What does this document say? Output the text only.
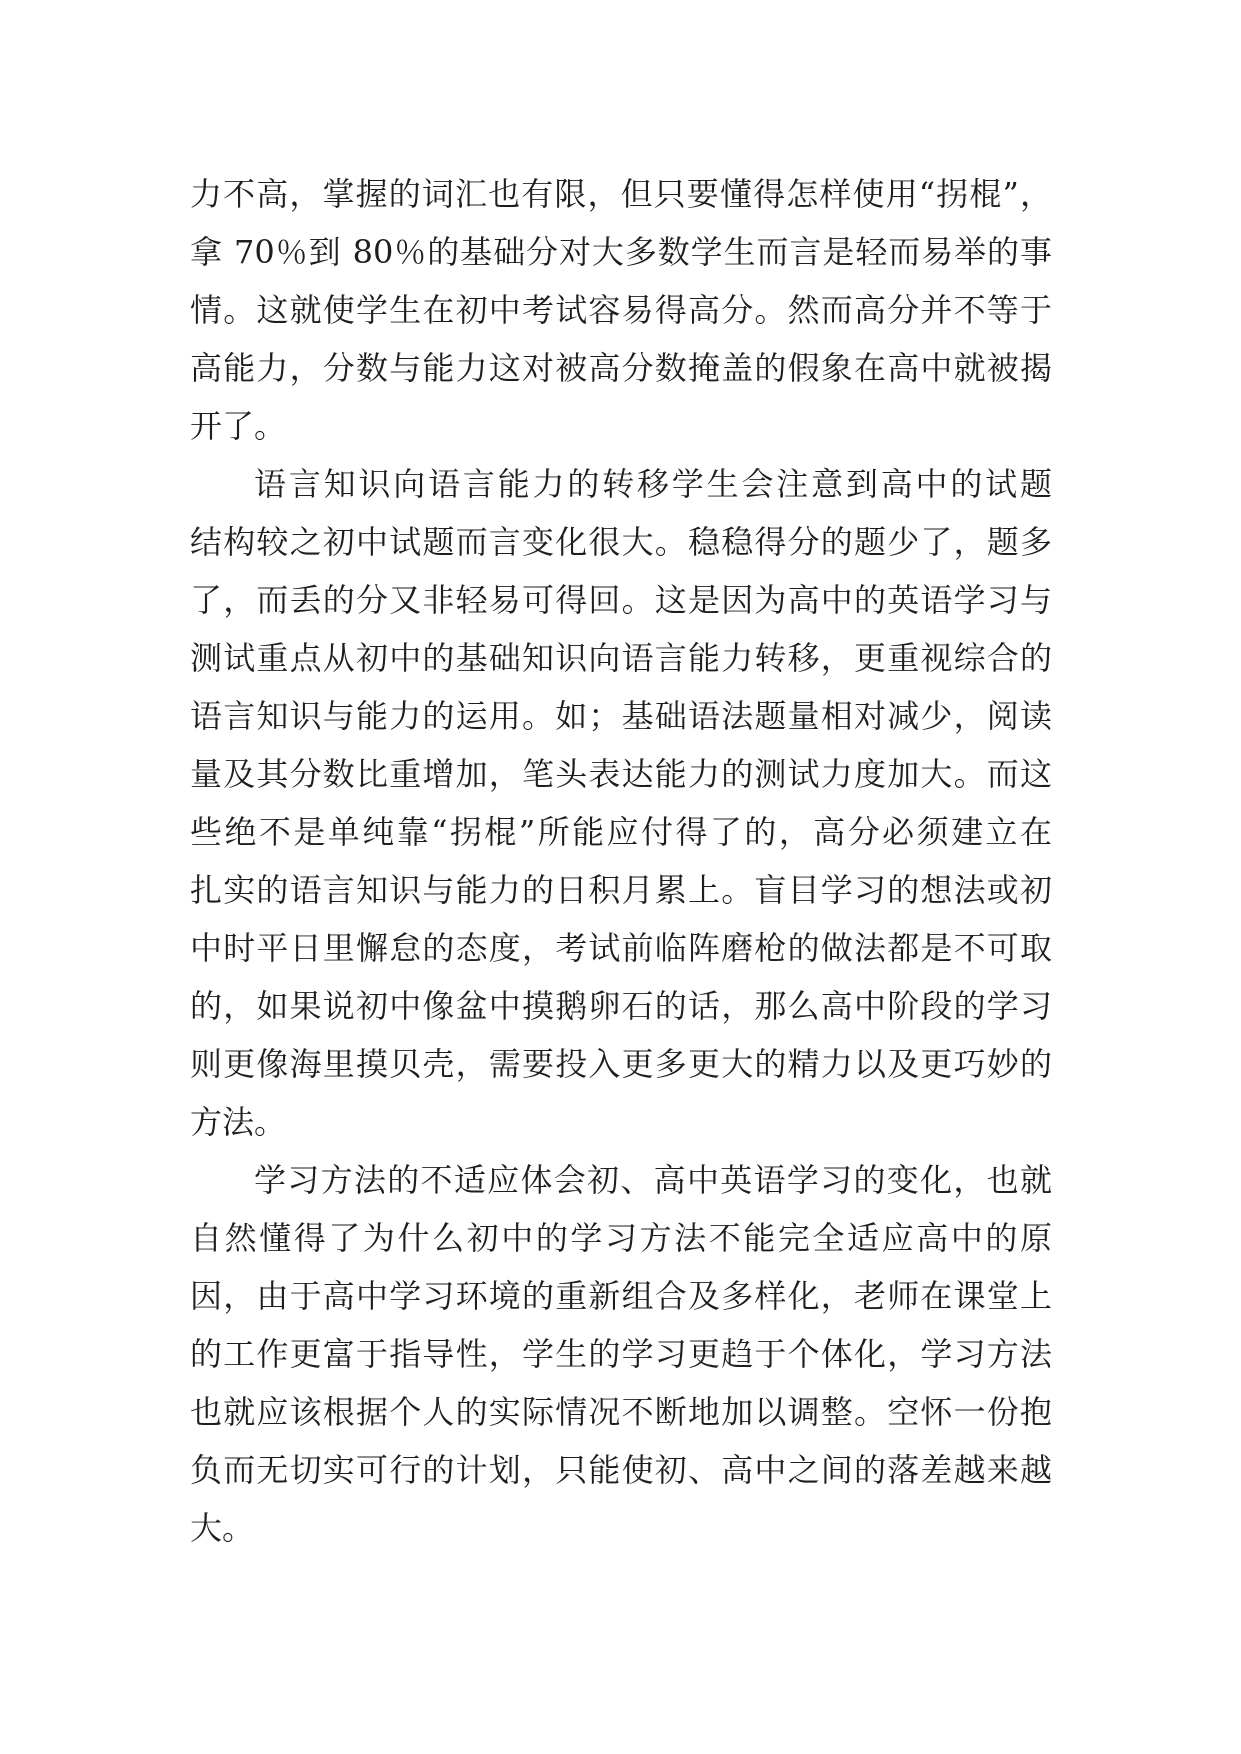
力不高，掌握的词汇也有限，但只要懂得怎样使用“拐棍”，
拿 70％到 80％的基础分对大多数学生而言是轻而易举的事
情。这就使学生在初中考试容易得高分。然而高分并不等于
高能力，分数与能力这对被高分数掩盖的假象在高中就被揭
开了。
语言知识向语言能力的转移学生会注意到高中的试题
结构较之初中试题而言变化很大。稳稳得分的题少了，题多
了，而丢的分又非轻易可得回。这是因为高中的英语学习与
测试重点从初中的基础知识向语言能力转移，更重视综合的
语言知识与能力的运用。如；基础语法题量相对减少，阅读
量及其分数比重增加，笔头表达能力的测试力度加大。而这
些绝不是单纯靠“拐棍”所能应付得了的，高分必须建立在
扎实的语言知识与能力的日积月累上。盲目学习的想法或初
中时平日里懈怠的态度，考试前临阵磨枪的做法都是不可取
的，如果说初中像盆中摸鹅卵石的话，那么高中阶段的学习
则更像海里摸贝壳，需要投入更多更大的精力以及更巧妙的
方法。
学习方法的不适应体会初、高中英语学习的变化，也就
自然懂得了为什么初中的学习方法不能完全适应高中的原
因，由于高中学习环境的重新组合及多样化，老师在课堂上
的工作更富于指导性，学生的学习更趋于个体化，学习方法
也就应该根据个人的实际情况不断地加以调整。空怀一份抱
负而无切实可行的计划，只能使初、高中之间的落差越来越
大。
